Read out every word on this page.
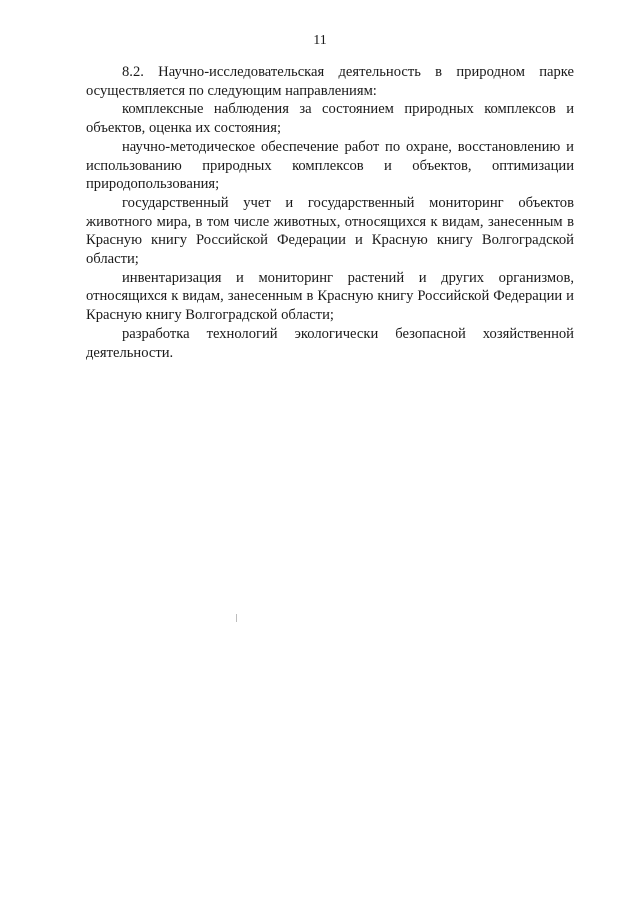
11

8.2. Научно-исследовательская деятельность в природном парке осуществляется по следующим направлениям:

комплексные наблюдения за состоянием природных комплексов и объектов, оценка их состояния;

научно-методическое обеспечение работ по охране, восстановлению и использованию природных комплексов и объектов, оптимизации природопользования;

государственный учет и государственный мониторинг объектов животного мира, в том числе животных, относящихся к видам, занесенным в Красную книгу Российской Федерации и Красную книгу Волгоградской области;

инвентаризация и мониторинг растений и других организмов, относящихся к видам, занесенным в Красную книгу Российской Федерации и Красную книгу Волгоградской области;

разработка технологий экологически безопасной хозяйственной деятельности.
